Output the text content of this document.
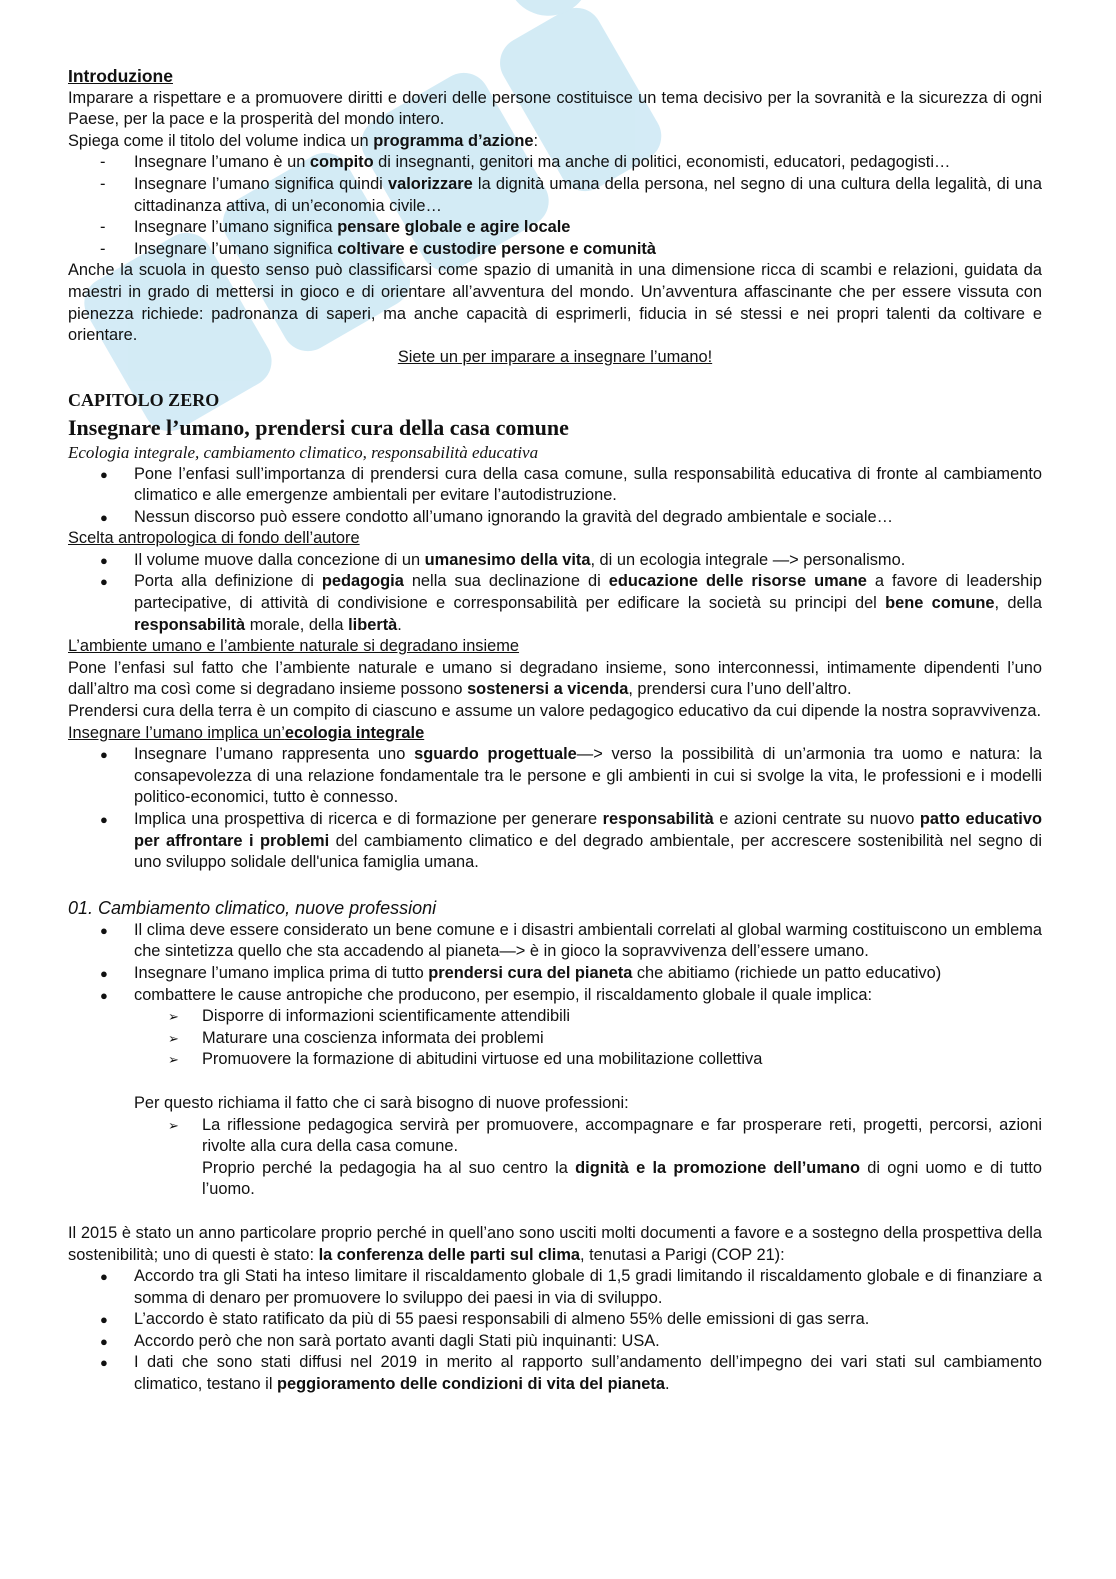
Introduzione

Imparare a rispettare e a promuovere diritti e doveri delle persone costituisce un tema decisivo per la sovranità e la sicurezza di ogni Paese, per la pace e la prosperità del mondo intero.

Spiega come il titolo del volume indica un programma d’azione:

- Insegnare l’umano è un compito di insegnanti, genitori ma anche di politici, economisti, educatori, pedagogisti…
- Insegnare l’umano significa quindi valorizzare la dignità umana della persona, nel segno di una cultura della legalità, di una cittadinanza attiva, di un’economia civile…
- Insegnare l’umano significa pensare globale e agire locale
- Insegnare l’umano significa coltivare e custodire persone e comunità

Anche la scuola in questo senso può classificarsi come spazio di umanità in una dimensione ricca di scambi e relazioni, guidata da maestri in grado di mettersi in gioco e di orientare all’avventura del mondo. Un’avventura affascinante che per essere vissuta con pienezza richiede: padronanza di saperi, ma anche capacità di esprimerli, fiducia in sé stessi e nei propri talenti da coltivare e orientare.

Siete un per imparare a insegnare l’umano!

CAPITOLO ZERO

Insegnare l’umano, prendersi cura della casa comune

Ecologia integrale, cambiamento climatico, responsabilità educativa

● Pone l’enfasi sull’importanza di prendersi cura della casa comune, sulla responsabilità educativa di fronte al cambiamento climatico e alle emergenze ambientali per evitare l’autodistruzione.
● Nessun discorso può essere condotto all’umano ignorando la gravità del degrado ambientale e sociale…

Scelta antropologica di fondo dell’autore

● Il volume muove dalla concezione di un umanesimo della vita, di un ecologia integrale —> personalismo.
● Porta alla definizione di pedagogia nella sua declinazione di educazione delle risorse umane a favore di leadership partecipative, di attività di condivisione e corresponsabilità per edificare la società su principi del bene comune, della responsabilità morale, della libertà.

L’ambiente umano e l’ambiente naturale si degradano insieme

Pone l’enfasi sul fatto che l’ambiente naturale e umano si degradano insieme, sono interconnessi, intimamente dipendenti l’uno dall’altro ma così come si degradano insieme possono sostenersi a vicenda, prendersi cura l’uno dell’altro.

Prendersi cura della terra è un compito di ciascuno e assume un valore pedagogico educativo da cui dipende la nostra sopravvivenza.

Insegnare l’umano implica un’ecologia integrale

● Insegnare l’umano rappresenta uno sguardo progettuale—> verso la possibilità di un’armonia tra uomo e natura: la consapevolezza di una relazione fondamentale tra le persone e gli ambienti in cui si svolge la vita, le professioni e i modelli politico-economici, tutto è connesso.
● Implica una prospettiva di ricerca e di formazione per generare responsabilità e azioni centrate su nuovo patto educativo per affrontare i problemi del cambiamento climatico e del degrado ambientale, per accrescere sostenibilità nel segno di uno sviluppo solidale dell'unica famiglia umana.

01. Cambiamento climatico, nuove professioni

● Il clima deve essere considerato un bene comune e i disastri ambientali correlati al global warming costituiscono un emblema che sintetizza quello che sta accadendo al pianeta—> è in gioco la sopravvivenza dell’essere umano.
● Insegnare l’umano implica prima di tutto prendersi cura del pianeta che abitiamo (richiede un patto educativo)
● combattere le cause antropiche che producono, per esempio, il riscaldamento globale il quale implica:
➢ Disporre di informazioni scientificamente attendibili
➢ Maturare una coscienza informata dei problemi
➢ Promuovere la formazione di abitudini virtuose ed una mobilitazione collettiva

Per questo richiama il fatto che ci sarà bisogno di nuove professioni:

➢ La riflessione pedagogica servirà per promuovere, accompagnare e far prosperare reti, progetti, percorsi, azioni rivolte alla cura della casa comune.

Proprio perché la pedagogia ha al suo centro la dignità e la promozione dell’umano di ogni uomo e di tutto l’uomo.

Il 2015 è stato un anno particolare proprio perché in quell’ano sono usciti molti documenti a favore e a sostegno della prospettiva della sostenibilità; uno di questi è stato: la conferenza delle parti sul clima, tenutasi a Parigi (COP 21):

● Accordo tra gli Stati ha inteso limitare il riscaldamento globale di 1,5 gradi limitando il riscaldamento globale e di finanziare a somma di denaro per promuovere lo sviluppo dei paesi in via di sviluppo.
● L’accordo è stato ratificato da più di 55 paesi responsabili di almeno 55% delle emissioni di gas serra.
● Accordo però che non sarà portato avanti dagli Stati più inquinanti: USA.
● I dati che sono stati diffusi nel 2019 in merito al rapporto sull’andamento dell’impegno dei vari stati sul cambiamento climatico, testano il peggioramento delle condizioni di vita del pianeta.
